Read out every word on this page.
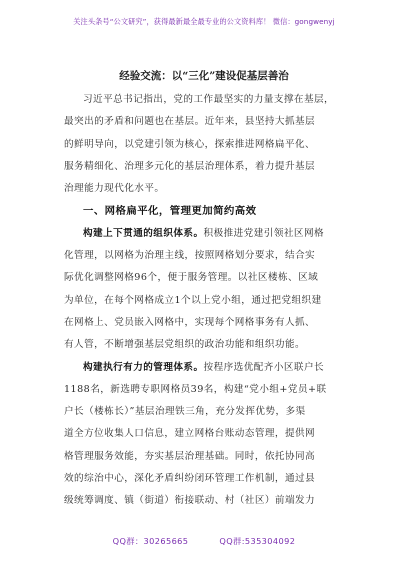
关注头条号“公文研究”，获得最新最全最专业的公文资料库！ 微信：gongwenyj
经验交流：以“三化”建设促基层善治
习近平总书记指出，党的工作最坚实的力量支撑在基层，
最突出的矛盾和问题也在基层。近年来，县坚持大抓基层
的鲜明导向，以党建引领为核心，探索推进网格扁平化、
服务精细化、治理多元化的基层治理体系，着力提升基层
治理能力现代化水平。
一、网格扁平化，管理更加简约高效
构建上下贯通的组织体系。积极推进党建引领社区网格
化管理，以网格为治理主线，按照网格划分要求，结合实
际优化调整网格96个，便于服务管理。以社区楼栋、区域
为单位，在每个网格成立1个以上党小组，通过把党组织建
在网格上、党员嵌入网格中，实现每个网格事务有人抓、
有人管，不断增强基层党组织的政治功能和组织功能。
构建执行有力的管理体系。按程序选优配齐小区联户长
1188名，新选聘专职网格员39名，构建“党小组+党员+联
户长（楼栋长）”基层治理铁三角，充分发挥优势，多渠
道全方位收集人口信息，建立网格台账动态管理，提供网
格管理服务效能，夯实基层治理基础。同时，依托协同高
效的综治中心，深化矛盾纠纷闭环管理工作机制，通过县
级统筹调度、镇（街道）衔接联动、村（社区）前端发力
QQ群：30265665	QQ群:535304092
